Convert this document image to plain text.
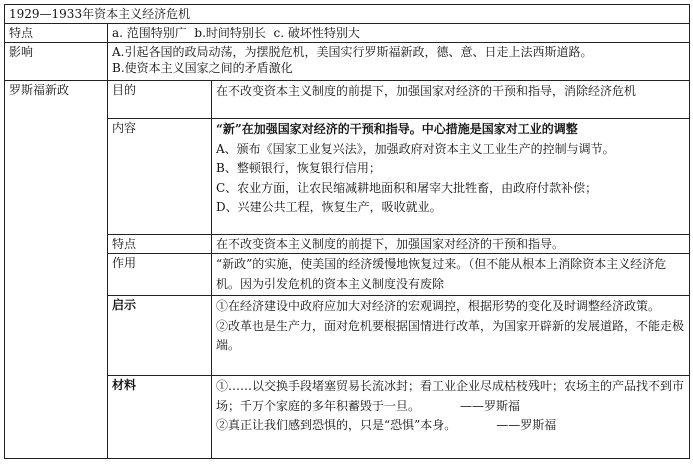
1929—1933年资本主义经济危机		
特点	a. 范围特别广  b.时间特别长  c. 破坏性特别大	
影响	A.引起各国的政局动荡，为摆脱危机，美国实行罗斯福新政，德、意、日走上法西斯道路。
B.使资本主义国家之间的矛盾激化	

罗斯福新政	目的	在不改变资本主义制度的前提下，加强国家对经济的干预和指导，消除经济危机
	内容	“新”在加强国家对经济的干预和指导。中心措施是国家对工业的调整
A、颁布《国家工业复兴法》，加强政府对资本主义工业生产的控制与调节。
B、整顿银行，恢复银行信用；
C、农业方面，让农民缩减耕地面积和屠宰大批牲畜，由政府付款补偿；
D、兴建公共工程，恢复生产，吸收就业。

	特点	在不改变资本主义制度的前提下，加强国家对经济的干预和指导。
	作用	“新政”的实施，使美国的经济缓慢地恢复过来。（但不能从根本上消除资本主义经济危机。因为引发危机的资本主义制度没有废除
	启示	①在经济建设中政府应加大对经济的宏观调控，根据形势的变化及时调整经济政策。
②改革也是生产力，面对危机要根据国情进行改革，为国家开辟新的发展道路，不能走极端。

	材料	①……以交换手段堵塞贸易长流冰封；看工业企业尽成枯枝残叶；农场主的产品找不到市场；千万个家庭的多年积蓄毁于一旦。 ——罗斯福
②真正让我们感到恐惧的，只是“恐惧”本身。 ——罗斯福
